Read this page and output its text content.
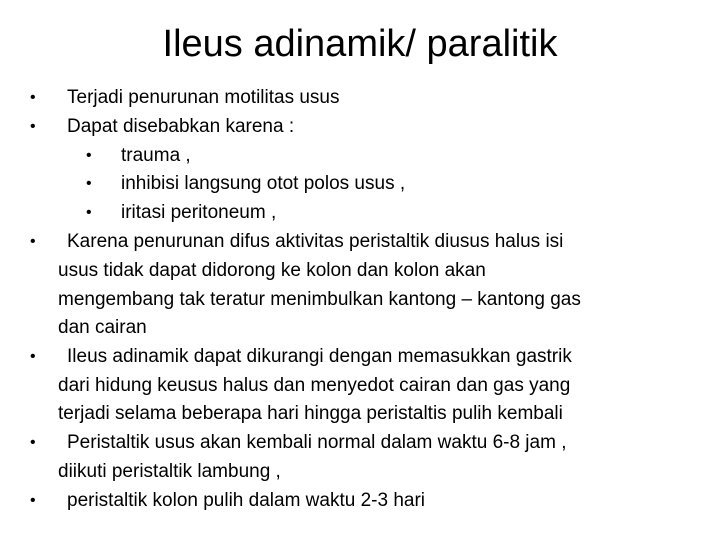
Ileus adinamik/ paralitik
• Terjadi penurunan motilitas usus
• Dapat disebabkan karena :
• trauma ,
• inhibisi langsung otot polos usus ,
• iritasi peritoneum ,
• Karena penurunan difus aktivitas peristaltik diusus halus isi
usus tidak dapat didorong ke kolon dan kolon akan
mengembang tak teratur menimbulkan kantong – kantong gas
dan cairan
• Ileus adinamik dapat dikurangi dengan memasukkan gastrik
dari hidung keusus halus dan menyedot cairan dan gas yang
terjadi selama beberapa hari hingga peristaltis pulih kembali
• Peristaltik usus akan kembali normal dalam waktu 6-8 jam ,
diikuti peristaltik lambung ,
• peristaltik kolon pulih dalam waktu 2-3 hari
